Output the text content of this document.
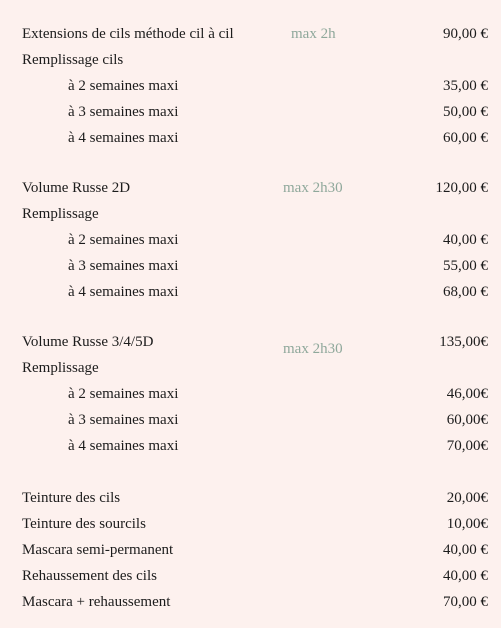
Extensions de cils méthode cil à cil	max 2h	90,00 €
Remplissage cils
à 2 semaines maxi	35,00 €
à 3 semaines maxi	50,00 €
à 4 semaines maxi	60,00 €
Volume Russe 2D	max 2h30	120,00 €
Remplissage
à 2 semaines maxi	40,00 €
à 3 semaines maxi	55,00 €
à 4 semaines maxi	68,00 €
Volume Russe 3/4/5D	max 2h30	135,00€
Remplissage
à 2 semaines maxi	46,00€
à 3 semaines maxi	60,00€
à 4 semaines maxi	70,00€
Teinture des cils	20,00€
Teinture des sourcils	10,00€
Mascara semi-permanent	40,00 €
Rehaussement des cils	40,00 €
Mascara + rehaussement	70,00 €
